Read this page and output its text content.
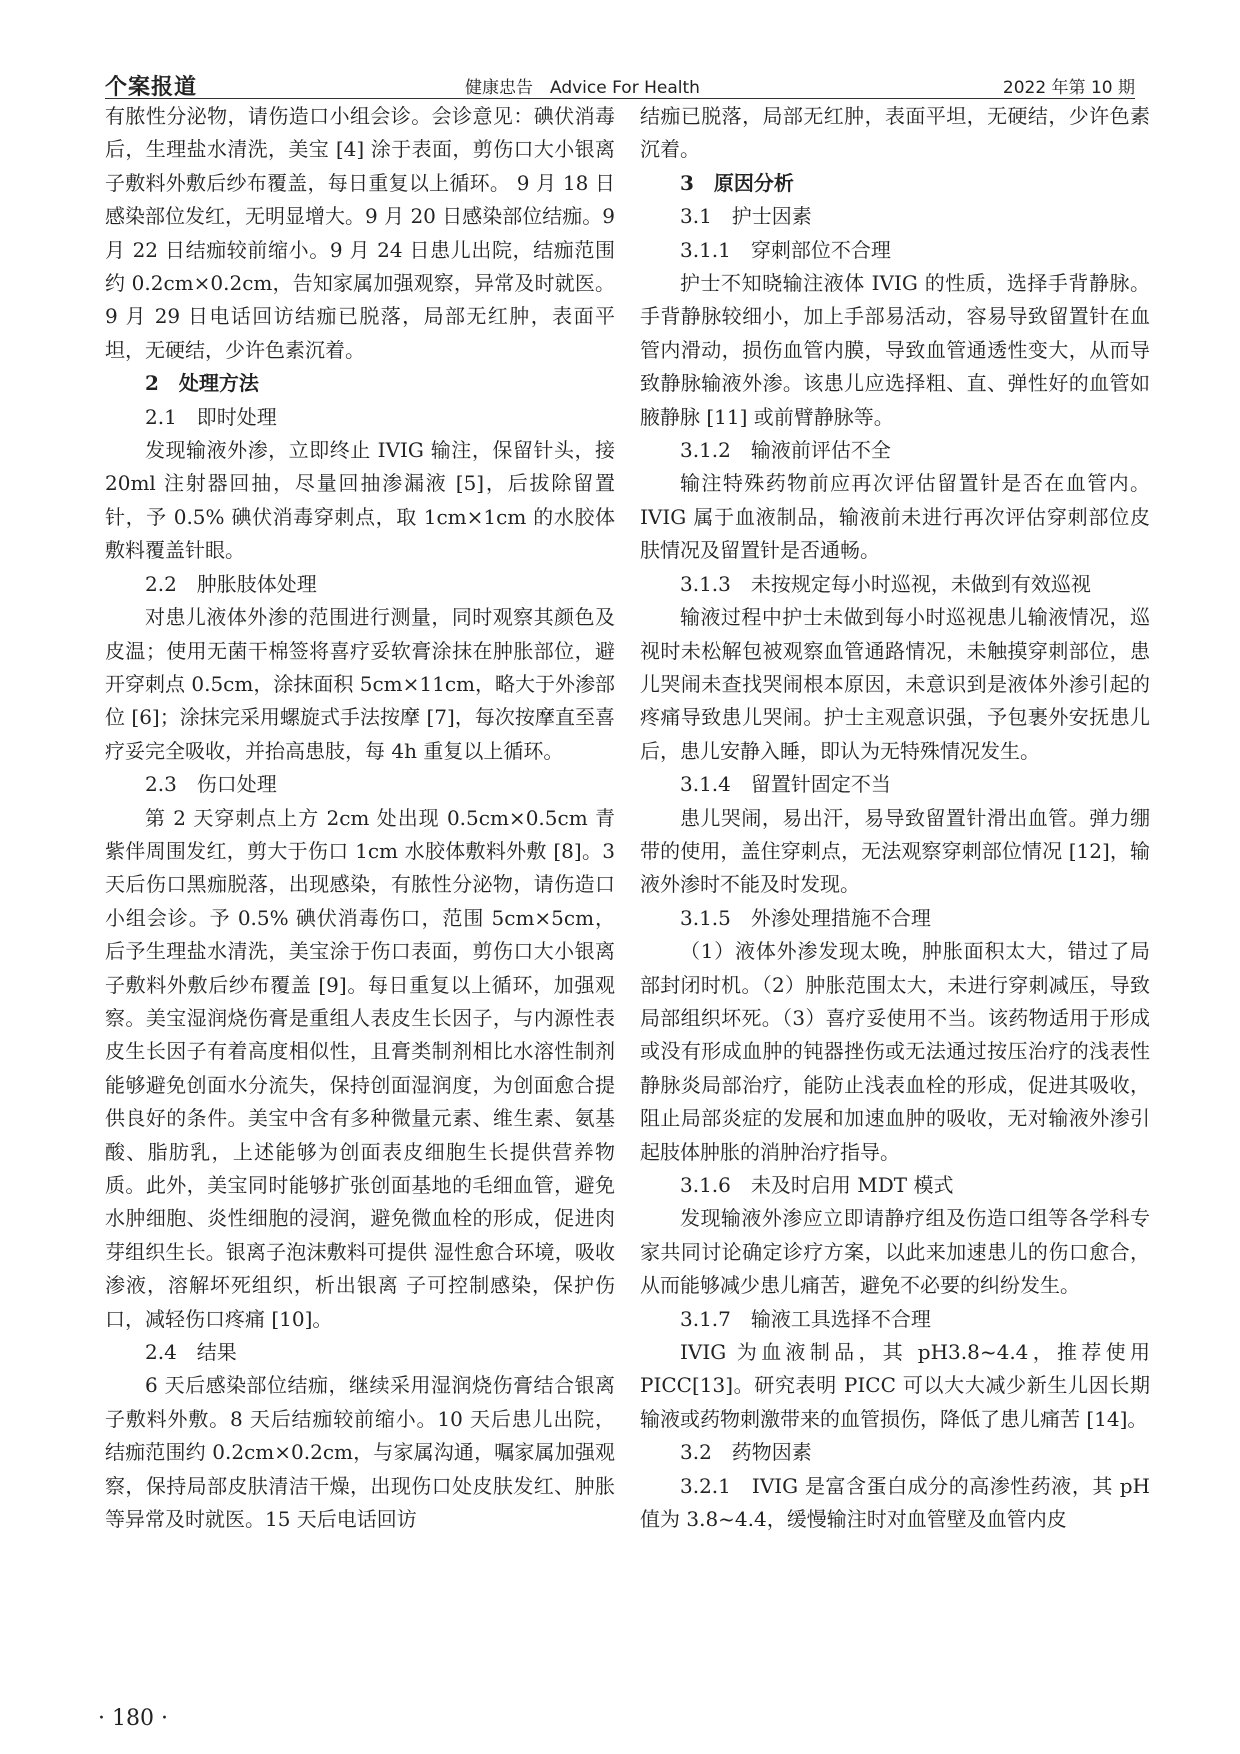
个案报道	健康忠告　Advice For Health	2022 年第 10 期

有脓性分泌物，请伤造口小组会诊。会诊意见：碘伏消毒后，生理盐水清洗，美宝 [4] 涂于表面，剪伤口大小银离子敷料外敷后纱布覆盖，每日重复以上循环。 9 月 18 日感染部位发红，无明显增大。9 月 20 日感染部位结痂。9 月 22 日结痂较前缩小。9 月 24 日患儿出院，结痂范围约 0.2cm×0.2cm，告知家属加强观察，异常及时就医。9 月 29 日电话回访结痂已脱落，局部无红肿，表面平坦，无硬结，少许色素沉着。

2　处理方法
2.1　即时处理

发现输液外渗，立即终止 IVIG 输注，保留针头，接 20ml 注射器回抽，尽量回抽渗漏液 [5]，后拔除留置针，予 0.5% 碘伏消毒穿刺点，取 1cm×1cm 的水胶体敷料覆盖针眼。

2.2　肿胀肢体处理

对患儿液体外渗的范围进行测量，同时观察其颜色及皮温；使用无菌干棉签将喜疗妥软膏涂抹在肿胀部位，避开穿刺点 0.5cm，涂抹面积 5cm×11cm，略大于外渗部位 [6]；涂抹完采用螺旋式手法按摩 [7]，每次按摩直至喜疗妥完全吸收，并抬高患肢，每 4h 重复以上循环。

2.3　伤口处理

第 2 天穿刺点上方 2cm 处出现 0.5cm×0.5cm 青紫伴周围发红，剪大于伤口 1cm 水胶体敷料外敷 [8]。3 天后伤口黑痂脱落，出现感染，有脓性分泌物，请伤造口小组会诊。予 0.5% 碘伏消毒伤口，范围 5cm×5cm，后予生理盐水清洗，美宝涂于伤口表面，剪伤口大小银离子敷料外敷后纱布覆盖 [9]。每日重复以上循环，加强观察。美宝湿润烧伤膏是重组人表皮生长因子，与内源性表皮生长因子有着高度相似性，且膏类制剂相比水溶性制剂能够避免创面水分流失，保持创面湿润度，为创面愈合提供良好的条件。美宝中含有多种微量元素、维生素、氨基酸、脂肪乳，上述能够为创面表皮细胞生长提供营养物质。此外，美宝同时能够扩张创面基地的毛细血管，避免水肿细胞、炎性细胞的浸润，避免微血栓的形成，促进肉芽组织生长。银离子泡沫敷料可提供 湿性愈合环境，吸收渗液，溶解坏死组织，析出银离 子可控制感染，保护伤口，减轻伤口疼痛 [10]。

2.4　结果

6 天后感染部位结痂，继续采用湿润烧伤膏结合银离子敷料外敷。8 天后结痂较前缩小。10 天后患儿出院，结痂范围约 0.2cm×0.2cm，与家属沟通，嘱家属加强观察，保持局部皮肤清洁干燥，出现伤口处皮肤发红、肿胀等异常及时就医。15 天后电话回访

结痂已脱落，局部无红肿，表面平坦，无硬结，少许色素沉着。

3　原因分析
3.1　护士因素
3.1.1　穿刺部位不合理

护士不知晓输注液体 IVIG 的性质，选择手背静脉。手背静脉较细小，加上手部易活动，容易导致留置针在血管内滑动，损伤血管内膜，导致血管通透性变大，从而导致静脉输液外渗。该患儿应选择粗、直、弹性好的血管如腋静脉 [11] 或前臂静脉等。

3.1.2　输液前评估不全

输注特殊药物前应再次评估留置针是否在血管内。IVIG 属于血液制品，输液前未进行再次评估穿刺部位皮肤情况及留置针是否通畅。

3.1.3　未按规定每小时巡视，未做到有效巡视

输液过程中护士未做到每小时巡视患儿输液情况，巡视时未松解包被观察血管通路情况，未触摸穿刺部位，患儿哭闹未查找哭闹根本原因，未意识到是液体外渗引起的疼痛导致患儿哭闹。护士主观意识强，予包裹外安抚患儿后，患儿安静入睡，即认为无特殊情况发生。

3.1.4　留置针固定不当

患儿哭闹，易出汗，易导致留置针滑出血管。弹力绷带的使用，盖住穿刺点，无法观察穿刺部位情况 [12]，输液外渗时不能及时发现。

3.1.5　外渗处理措施不合理

（1）液体外渗发现太晚，肿胀面积太大，错过了局部封闭时机。（2）肿胀范围太大，未进行穿刺减压，导致局部组织坏死。（3）喜疗妥使用不当。该药物适用于形成或没有形成血肿的钝器挫伤或无法通过按压治疗的浅表性静脉炎局部治疗，能防止浅表血栓的形成，促进其吸收，阻止局部炎症的发展和加速血肿的吸收，无对输液外渗引起肢体肿胀的消肿治疗指导。

3.1.6　未及时启用 MDT 模式

发现输液外渗应立即请静疗组及伤造口组等各学科专家共同讨论确定诊疗方案，以此来加速患儿的伤口愈合，从而能够减少患儿痛苦，避免不必要的纠纷发生。

3.1.7　输液工具选择不合理

IVIG 为血液制品，其 pH3.8~4.4，推荐使用 PICC[13]。研究表明 PICC 可以大大减少新生儿因长期输液或药物刺激带来的血管损伤，降低了患儿痛苦 [14]。

3.2　药物因素

3.2.1　IVIG 是富含蛋白成分的高渗性药液，其 pH 值为 3.8~4.4，缓慢输注时对血管壁及血管内皮

· 180 ·
